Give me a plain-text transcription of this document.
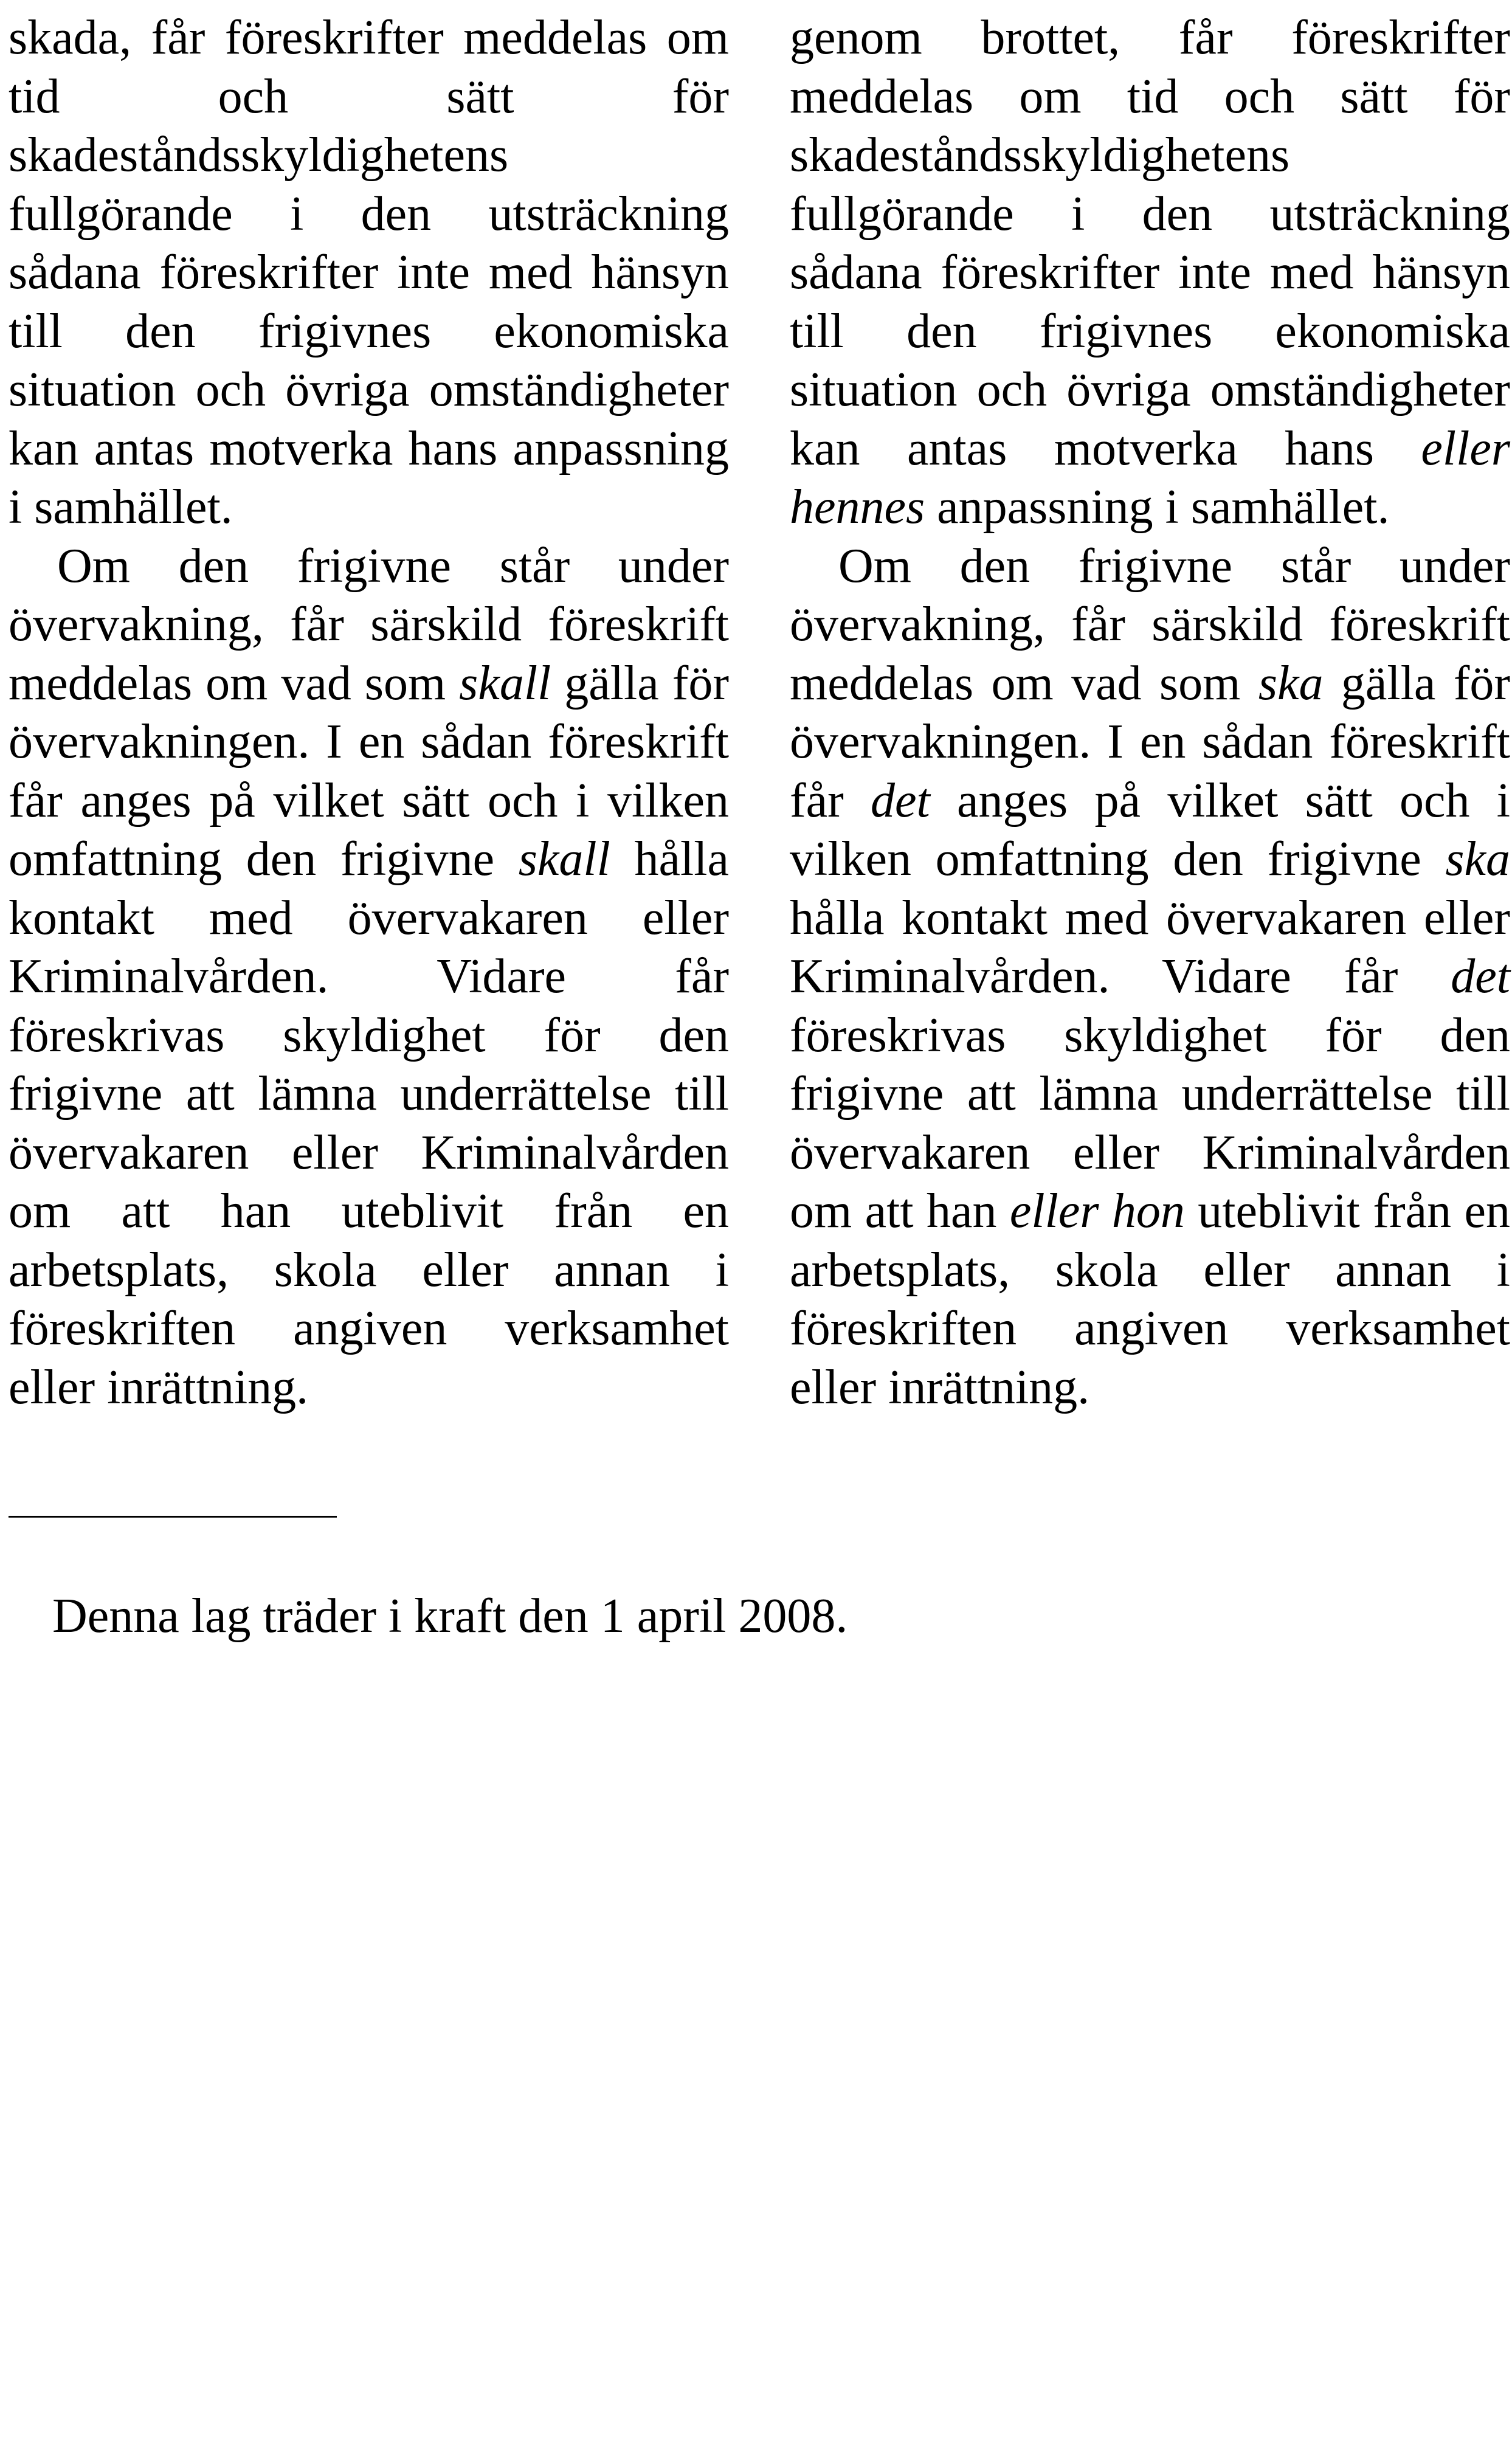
skada, får föreskrifter meddelas om tid och sätt för skadeståndsskyldighetens fullgörande i den utsträckning sådana föreskrifter inte med hänsyn till den frigivnes ekonomiska situation och övriga omständigheter kan antas motverka hans anpassning i samhället.

Om den frigivne står under övervakning, får särskild föreskrift meddelas om vad som skall gälla för övervakningen. I en sådan föreskrift får anges på vilket sätt och i vilken omfattning den frigivne skall hålla kontakt med övervakaren eller Kriminalvården. Vidare får föreskrivas skyldighet för den frigivne att lämna underrättelse till övervakaren eller Kriminalvården om att han uteblivit från en arbetsplats, skola eller annan i föreskriften angiven verksamhet eller inrättning.

genom brottet, får föreskrifter meddelas om tid och sätt för skadeståndsskyldighetens fullgörande i den utsträckning sådana föreskrifter inte med hänsyn till den frigivnes ekonomiska situation och övriga omständigheter kan antas motverka hans eller hennes anpassning i samhället.

Om den frigivne står under övervakning, får särskild föreskrift meddelas om vad som ska gälla för övervakningen. I en sådan föreskrift får det anges på vilket sätt och i vilken omfattning den frigivne ska hålla kontakt med övervakaren eller Kriminalvården. Vidare får det föreskrivas skyldighet för den frigivne att lämna underrättelse till övervakaren eller Kriminalvården om att han eller hon uteblivit från en arbetsplats, skola eller annan i föreskriften angiven verksamhet eller inrättning.

Denna lag träder i kraft den 1 april 2008.
